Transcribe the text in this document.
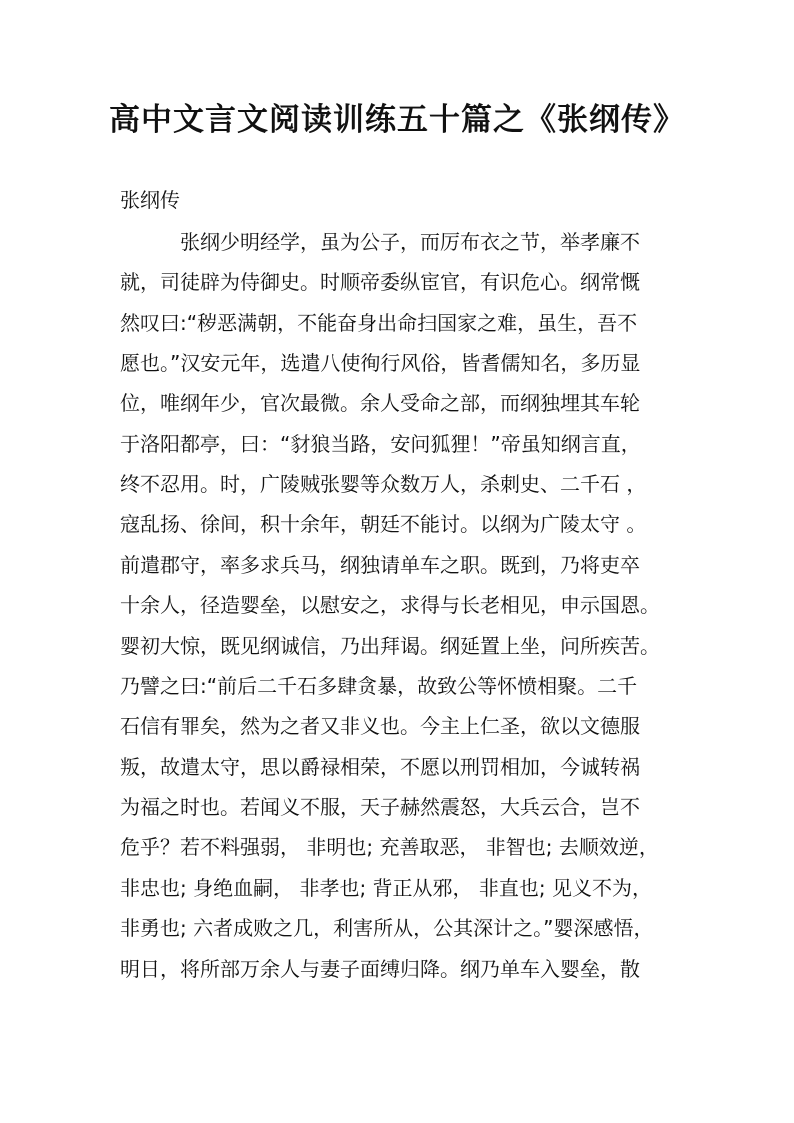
高中文言文阅读训练五十篇之《张纲传》

张纲传

张纲少明经学，虽为公子，而厉布衣之节，举孝廉不

就，司徒辟为侍御史。时顺帝委纵宦官，有识危心。纲常慨

然叹曰:“秽恶满朝，不能奋身出命扫国家之难，虽生，吾不

愿也。”汉安元年，选遣八使徇行风俗，皆耆儒知名，多历显

位，唯纲年少，官次最微。余人受命之部，而纲独埋其车轮

于洛阳都亭，曰：“豺狼当路，安问狐狸！”帝虽知纲言直，

终不忍用。时，广陵贼张婴等众数万人，杀刺史、二千石 ，

寇乱扬、徐间，积十余年，朝廷不能讨。以纲为广陵太守 。

前遣郡守，率多求兵马，纲独请单车之职。既到，乃将吏卒

十余人，径造婴垒，以慰安之，求得与长老相见，申示国恩。

婴初大惊，既见纲诚信，乃出拜谒。纲延置上坐，问所疾苦。

乃譬之曰:“前后二千石多肆贪暴，故致公等怀愤相聚。二千

石信有罪矣，然为之者又非义也。今主上仁圣，欲以文德服

叛，故遣太守，思以爵禄相荣，不愿以刑罚相加，今诚转祸

为福之时也。若闻义不服，天子赫然震怒，大兵云合，岂不

危乎？若不料强弱， 非明也; 充善取恶， 非智也; 去顺效逆，

非忠也; 身绝血嗣， 非孝也; 背正从邪， 非直也; 见义不为，

非勇也; 六者成败之几，利害所从，公其深计之。”婴深感悟，

明日，将所部万余人与妻子面缚归降。纲乃单车入婴垒，散
